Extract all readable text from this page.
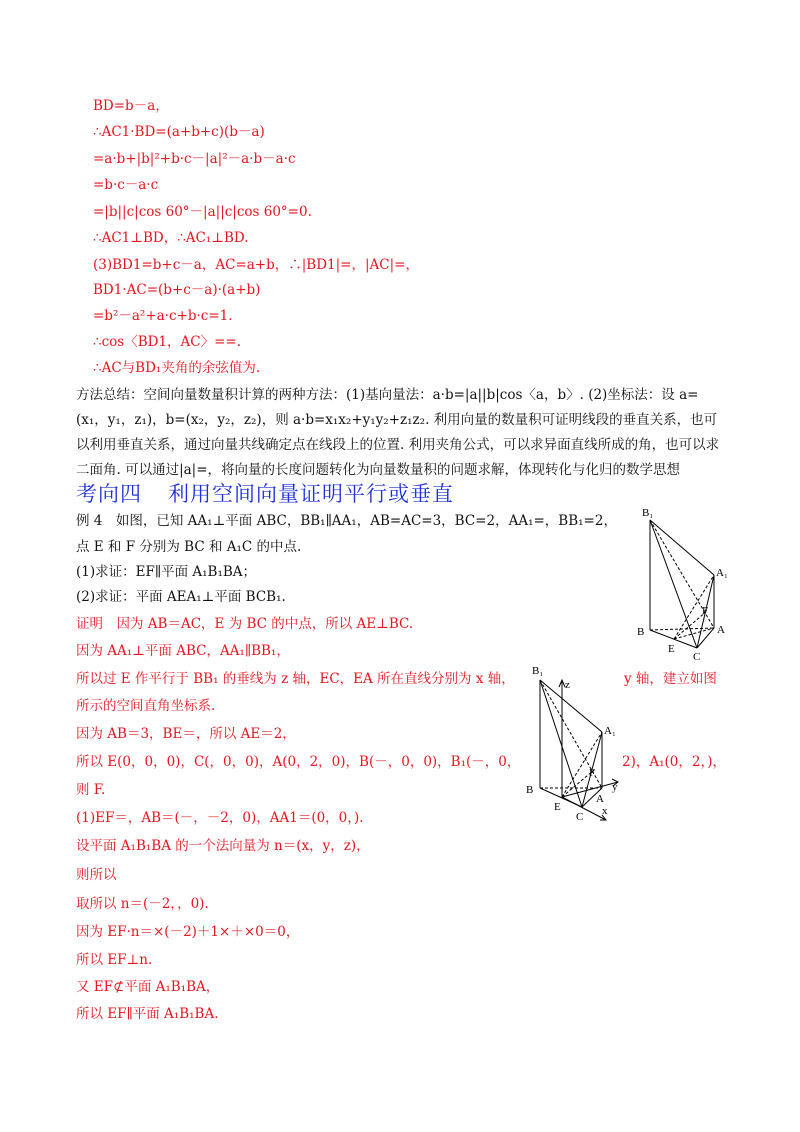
BD=b－a，
∴AC1·BD=(a+b+c)(b－a)
=a·b+|b|²+b·c－|a|²－a·b－a·c
=b·c－a·c
=|b||c|cos 60°－|a||c|cos 60°=0.
∴AC1⊥BD，∴AC₁⊥BD.
(3)BD1=b+c－a，AC=a+b，∴|BD1|=，|AC|=，
BD1·AC=(b+c－a)·(a+b)
=b²－a²+a·c+b·c=1.
∴cos〈BD1，AC〉==.
∴AC与BD₁夹角的余弦值为.
方法总结：空间向量数量积计算的两种方法：(1)基向量法：a·b=|a||b|cos〈a，b〉. (2)坐标法：设 a=(x₁，y₁，z₁)，b=(x₂，y₂，z₂)，则 a·b=x₁x₂+y₁y₂+z₁z₂. 利用向量的数量积可证明线段的垂直关系，也可以利用垂直关系，通过向量共线确定点在线段上的位置. 利用夹角公式，可以求异面直线所成的角，也可以求二面角. 可以通过|a|=，将向量的长度问题转化为向量数量积的问题求解，体现转化与化归的数学思想
考向四 利用空间向量证明平行或垂直
例 4　如图，已知 AA₁⊥平面 ABC，BB₁∥AA₁，AB=AC=3，BC=2，AA₁=，BB₁=2，
点 E 和 F 分别为 BC 和 A₁C 的中点.
(1)求证：EF∥平面 A₁B₁BA；
(2)求证：平面 AEA₁⊥平面 BCB₁.
证明　因为 AB＝AC，E 为 BC 的中点，所以 AE⊥BC.
因为 AA₁⊥平面 ABC，AA₁∥BB₁，
所以过 E 作平行于 BB₁ 的垂线为 z 轴，EC，EA 所在直线分别为 x 轴，	y 轴，建立如图
所示的空间直角坐标系.
因为 AB＝3，BE＝，所以 AE＝2，
所以 E(0，0，0)，C(，0，0)，A(0，2，0)，B(－，0，0)，B₁(－，0，	2)，A₁(0，2，)，
则 F.
(1)EF＝，AB＝(－，－2，0)，AA1＝(0，0，).
设平面 A₁B₁BA 的一个法向量为 n＝(x，y，z)，
则所以
取所以 n＝(－2，，0).
因为 EF·n＝×(－2)＋1×＋×0＝0，
所以 EF⊥n.
又 EF⊄平面 A₁B₁BA，
所以 EF∥平面 A₁B₁BA.
B₁
A₁
F
B
E
A
C
B₁
z
A₁
F
y
B
E
A
C x
